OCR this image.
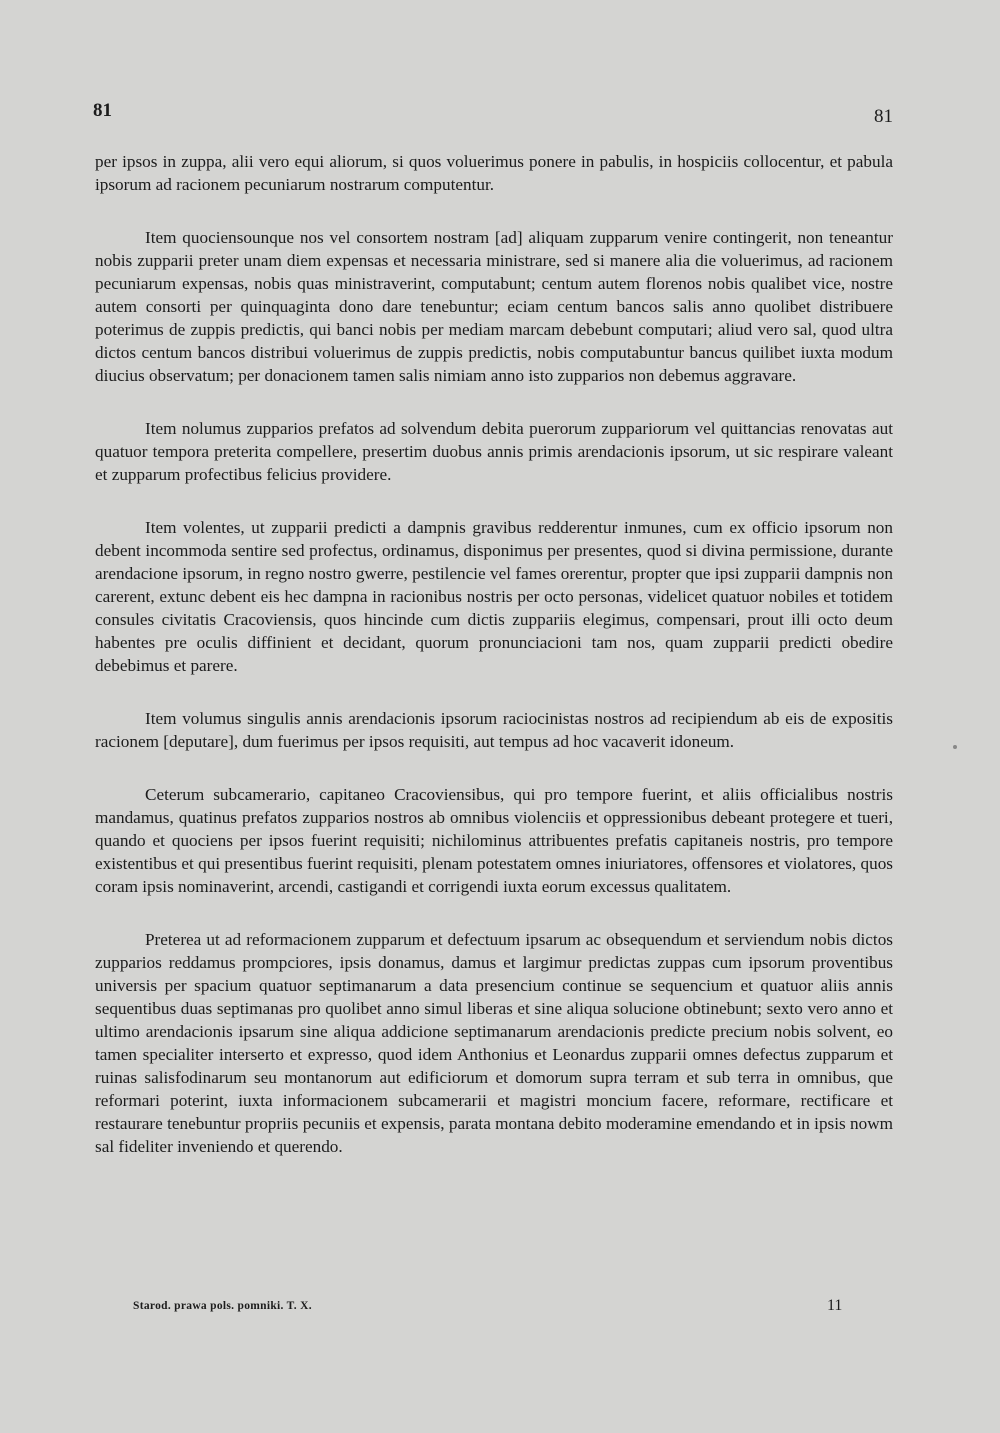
81	81

per ipsos in zuppa, alii vero equi aliorum, si quos voluerimus ponere in pabulis, in hospiciis collocentur, et pabula ipsorum ad racionem pecuniarum nostrarum computentur.

Item quociensounque nos vel consortem nostram [ad] aliquam zupparum venire contingerit, non teneantur nobis zupparii preter unam diem expensas et necessaria ministrare, sed si manere alia die voluerimus, ad racionem pecuniarum expensas, nobis quas ministraverint, computabunt; centum autem florenos nobis qualibet vice, nostre autem consorti per quinquaginta dono dare tenebuntur; eciam centum bancos salis anno quolibet distribuere poterimus de zuppis predictis, qui banci nobis per mediam marcam debebunt computari; aliud vero sal, quod ultra dictos centum bancos distribui voluerimus de zuppis predictis, nobis computabuntur bancus quilibet iuxta modum diucius observatum; per donacionem tamen salis nimiam anno isto zupparios non debemus aggravare.

Item nolumus zupparios prefatos ad solvendum debita puerorum zuppariorum vel quittancias renovatas aut quatuor tempora preterita compellere, presertim duobus annis primis arendacionis ipsorum, ut sic respirare valeant et zupparum profectibus felicius providere.

Item volentes, ut zupparii predicti a dampnis gravibus redderentur inmunes, cum ex officio ipsorum non debent incommoda sentire sed profectus, ordinamus, disponimus per presentes, quod si divina permissione, durante arendacione ipsorum, in regno nostro gwerre, pestilencie vel fames orerentur, propter que ipsi zupparii dampnis non carerent, extunc debent eis hec dampna in racionibus nostris per octo personas, videlicet quatuor nobiles et totidem consules civitatis Cracoviensis, quos hincinde cum dictis zuppariis elegimus, compensari, prout illi octo deum habentes pre oculis diffinient et decidant, quorum pronunciacioni tam nos, quam zupparii predicti obedire debebimus et parere.

Item volumus singulis annis arendacionis ipsorum raciocinistas nostros ad recipiendum ab eis de expositis racionem [deputare], dum fuerimus per ipsos requisiti, aut tempus ad hoc vacaverit idoneum.

Ceterum subcamerario, capitaneo Cracoviensibus, qui pro tempore fuerint, et aliis officialibus nostris mandamus, quatinus prefatos zupparios nostros ab omnibus violenciis et oppressionibus debeant protegere et tueri, quando et quociens per ipsos fuerint requisiti; nichilominus attribuentes prefatis capitaneis nostris, pro tempore existentibus et qui presentibus fuerint requisiti, plenam potestatem omnes iniuriatores, offensores et violatores, quos coram ipsis nominaverint, arcendi, castigandi et corrigendi iuxta eorum excessus qualitatem.

Preterea ut ad reformacionem zupparum et defectuum ipsarum ac obsequendum et serviendum nobis dictos zupparios reddamus prompciores, ipsis donamus, damus et largimur predictas zuppas cum ipsorum proventibus universis per spacium quatuor septimanarum a data presencium continue se sequencium et quatuor aliis annis sequentibus duas septimanas pro quolibet anno simul liberas et sine aliqua solucione obtinebunt; sexto vero anno et ultimo arendacionis ipsarum sine aliqua addicione septimanarum arendacionis predicte precium nobis solvent, eo tamen specialiter interserto et expresso, quod idem Anthonius et Leonardus zupparii omnes defectus zupparum et ruinas salisfodinarum seu montanorum aut edificiorum et domorum supra terram et sub terra in omnibus, que reformari poterint, iuxta informacionem subcamerarii et magistri moncium facere, reformare, rectificare et restaurare tenebuntur propriis pecuniis et expensis, parata montana debito moderamine emendando et in ipsis nowm sal fideliter inveniendo et querendo.

Starod. prawa pols. pomniki. T. X.	11
